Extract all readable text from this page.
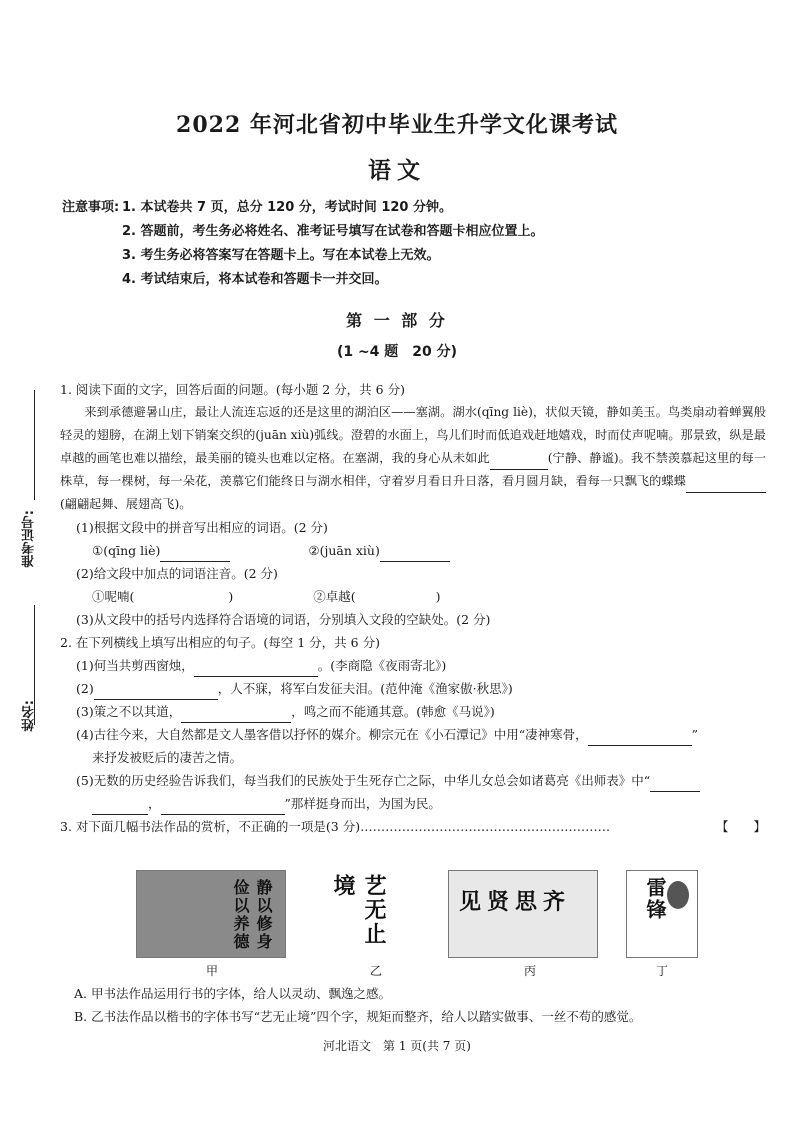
2022 年河北省初中毕业生升学文化课考试
语文
注意事项: 1. 本试卷共 7 页，总分 120 分，考试时间 120 分钟。
2. 答题前，考生务必将姓名、准考证号填写在试卷和答题卡相应位置上。
3. 考生务必将答案写在答题卡上。写在本试卷上无效。
4. 考试结束后，将本试卷和答题卡一并交回。
第 一 部 分
(1 ~4 题　20 分)
准考证号:
姓名:
1. 阅读下面的文字，回答后面的问题。(每小题 2 分，共 6 分)
来到承德避暑山庄，最让人流连忘返的还是这里的湖泊区——塞湖。湖水(qīng liè)，状似天镜，静如美玉。鸟类扇动着蝉翼般轻灵的翅膀，在湖上划下销案交织的(juān xiù)弧线。澄碧的水面上，鸟儿们时而低追戏赶地嬉戏，时而仗声呢喃。那景致，纵是最卓越的画笔也难以描绘，最美丽的镜头也难以定格。在塞湖，我的身心从未如此	(宁静、静谧)。我不禁羡慕起这里的每一株草，每一棵树，每一朵花，羡慕它们能终日与湖水相伴，守着岁月看日升日落，看月圆月缺，看每一只飘飞的蝶蝶(翩翩起舞、展翅高飞)。
(1)根据文段中的拼音写出相应的词语。(2 分)
①(qīng liè)	②(juān xiù)
(2)给文段中加点的词语注音。(2 分)
①呢喃(	)	②卓越(	)
(3)从文段中的括号内选择符合语境的词语，分别填入文段的空缺处。(2 分)
2. 在下列横线上填写出相应的句子。(每空 1 分，共 6 分)
(1)何当共剪西窗烛，	。(李商隐《夜雨寄北》)
(2)	，人不寐，将军白发征夫泪。(范仲淹《渔家傲·秋思》)
(3)策之不以其道，	，鸣之而不能通其意。(韩愈《马说》)
(4)古往今来，大自然都是文人墨客借以抒怀的媒介。柳宗元在《小石潭记》中用“凄神寒骨，	”
来抒发被贬后的凄苦之情。
(5)无数的历史经验告诉我们，每当我们的民族处于生死存亡之际，中华儿女总会如诸葛亮《出师表》中“
，	”那样挺身而出，为国为民。
3. 对下面几幅书法作品的赏析，不正确的一项是(3 分)……………………………………………………	【　　】
静以修身俭以养德
甲
艺无止境
乙
见贤思齐
丙
雷锋
丁
A. 甲书法作品运用行书的字体，给人以灵动、飘逸之感。
B. 乙书法作品以楷书的字体书写“艺无止境”四个字，规矩而整齐，给人以踏实做事、一丝不苟的感觉。
河北语文　第 1 页(共 7 页)
